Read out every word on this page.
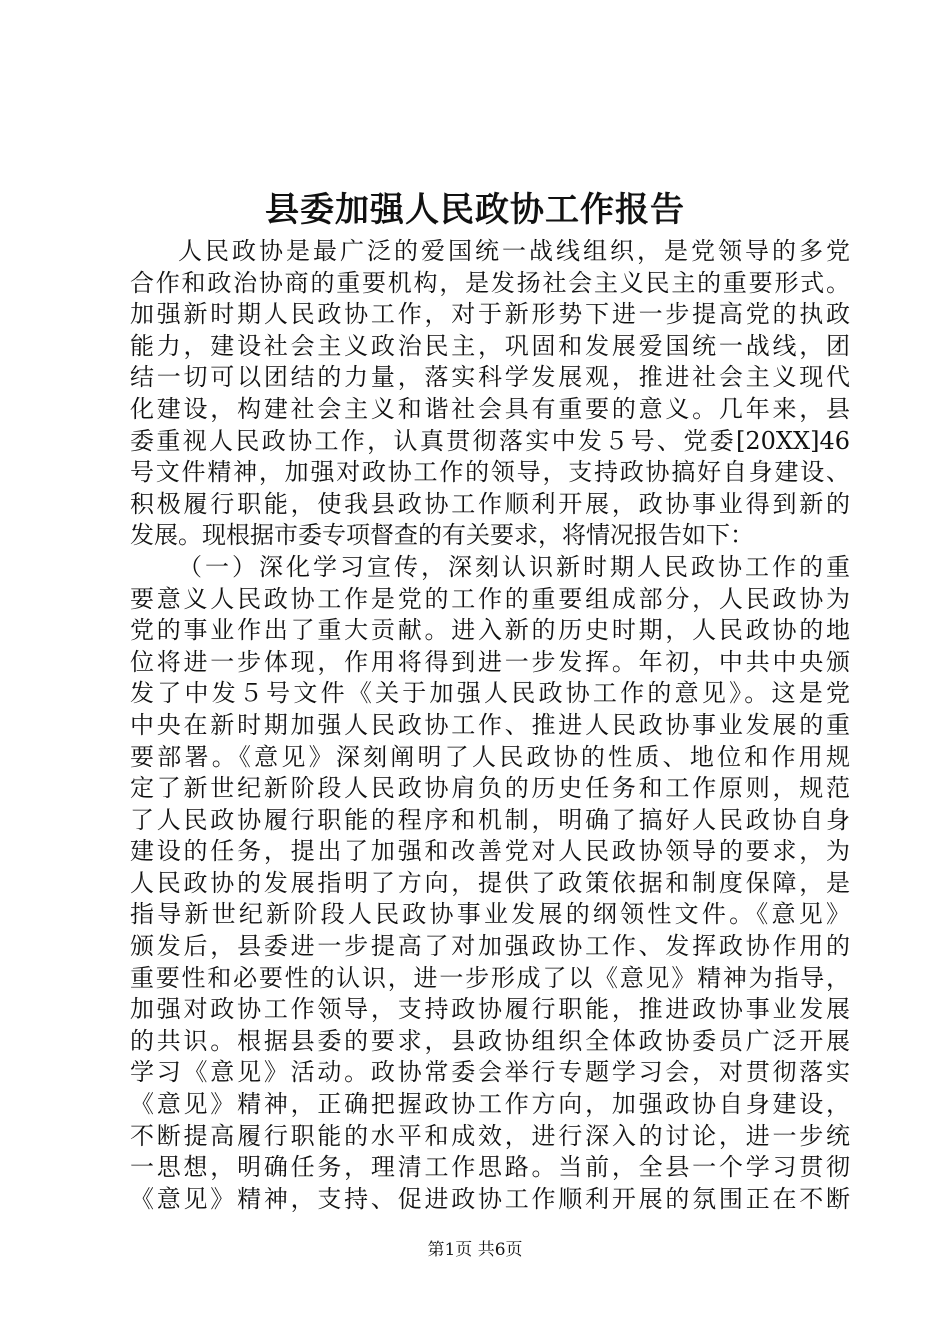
县委加强人民政协工作报告
人民政协是最广泛的爱国统一战线组织，是党领导的多党
合作和政治协商的重要机构，是发扬社会主义民主的重要形式。
加强新时期人民政协工作，对于新形势下进一步提高党的执政
能力，建设社会主义政治民主，巩固和发展爱国统一战线，团
结一切可以团结的力量，落实科学发展观，推进社会主义现代
化建设，构建社会主义和谐社会具有重要的意义。几年来，县
委重视人民政协工作，认真贯彻落实中发５号、党委[20XX]46
号文件精神，加强对政协工作的领导，支持政协搞好自身建设、
积极履行职能，使我县政协工作顺利开展，政协事业得到新的
发展。现根据市委专项督查的有关要求，将情况报告如下：
（一）深化学习宣传，深刻认识新时期人民政协工作的重
要意义人民政协工作是党的工作的重要组成部分，人民政协为
党的事业作出了重大贡献。进入新的历史时期，人民政协的地
位将进一步体现，作用将得到进一步发挥。年初，中共中央颁
发了中发５号文件《关于加强人民政协工作的意见》。这是党
中央在新时期加强人民政协工作、推进人民政协事业发展的重
要部署。《意见》深刻阐明了人民政协的性质、地位和作用规
定了新世纪新阶段人民政协肩负的历史任务和工作原则，规范
了人民政协履行职能的程序和机制，明确了搞好人民政协自身
建设的任务，提出了加强和改善党对人民政协领导的要求，为
人民政协的发展指明了方向，提供了政策依据和制度保障，是
指导新世纪新阶段人民政协事业发展的纲领性文件。《意见》
颁发后，县委进一步提高了对加强政协工作、发挥政协作用的
重要性和必要性的认识，进一步形成了以《意见》精神为指导，
加强对政协工作领导，支持政协履行职能，推进政协事业发展
的共识。根据县委的要求，县政协组织全体政协委员广泛开展
学习《意见》活动。政协常委会举行专题学习会，对贯彻落实
《意见》精神，正确把握政协工作方向，加强政协自身建设，
不断提高履行职能的水平和成效，进行深入的讨论，进一步统
一思想，明确任务，理清工作思路。当前，全县一个学习贯彻
《意见》精神，支持、促进政协工作顺利开展的氛围正在不断
第1页 共6页
